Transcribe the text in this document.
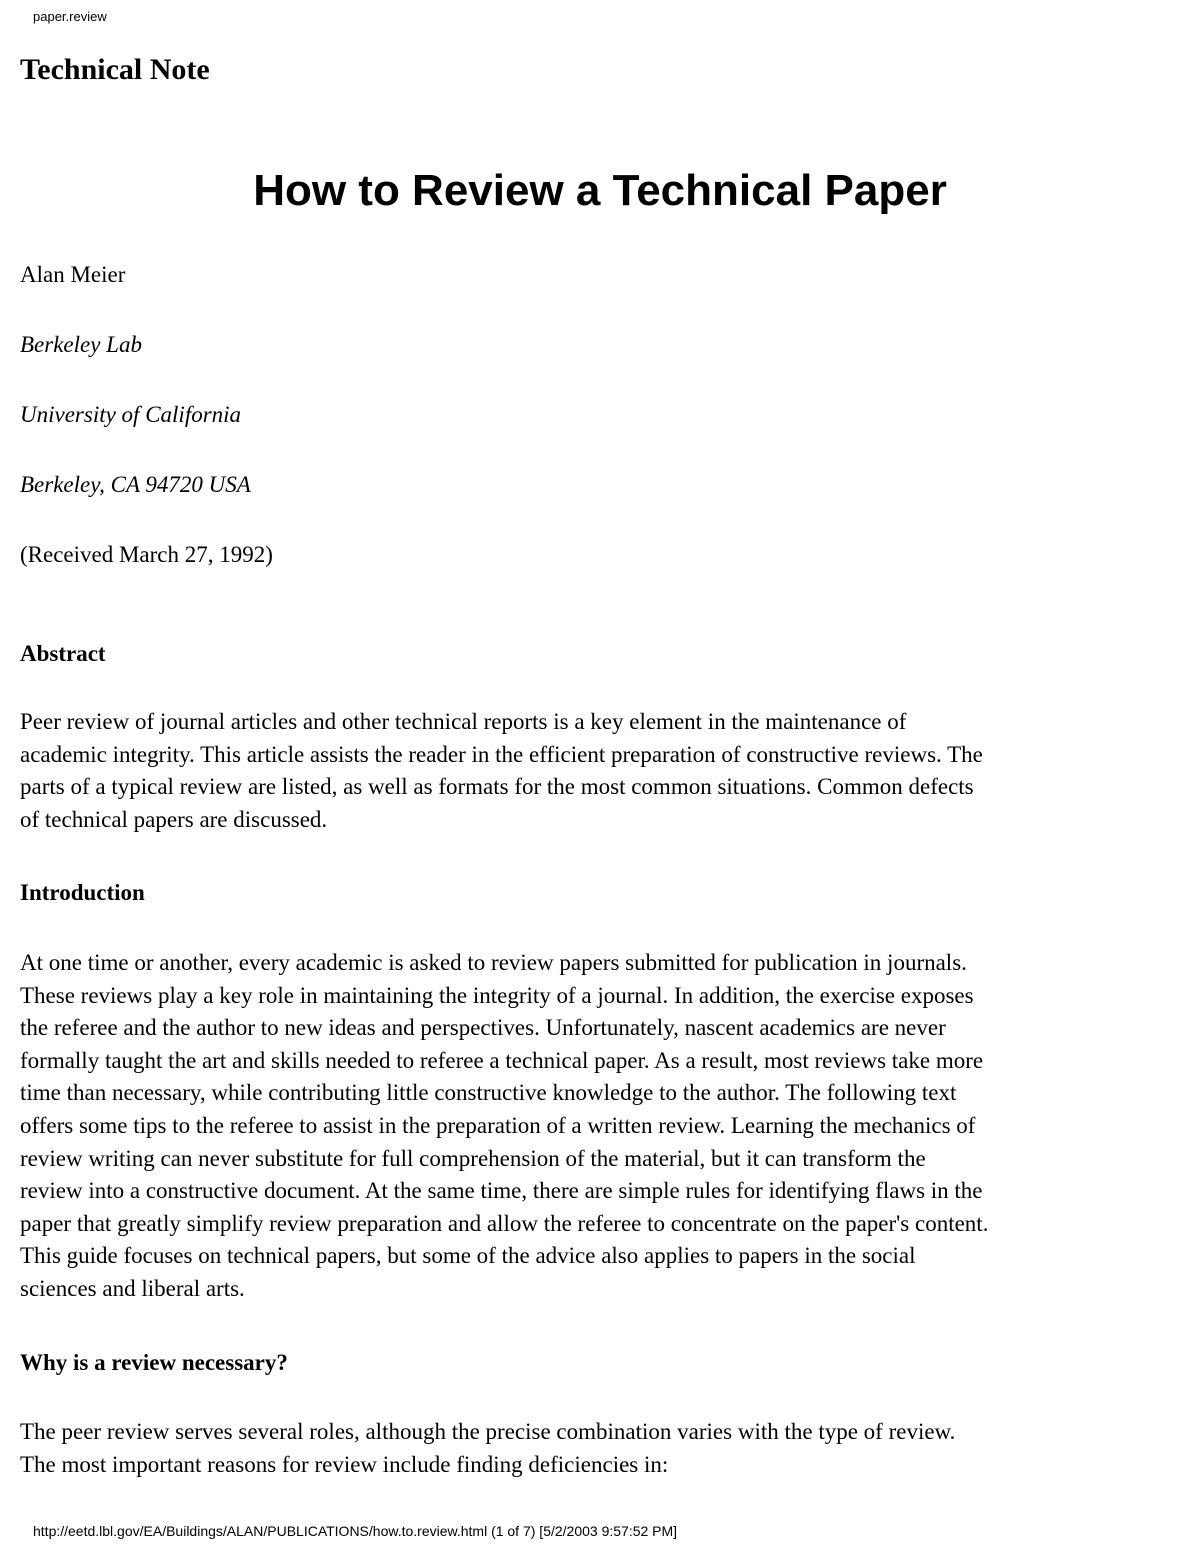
paper.review
Technical Note
How to Review a Technical Paper

Alan Meier

Berkeley Lab

University of California

Berkeley, CA 94720 USA

(Received March 27, 1992)

Abstract
Peer review of journal articles and other technical reports is a key element in the maintenance of
academic integrity. This article assists the reader in the efficient preparation of constructive reviews. The
parts of a typical review are listed, as well as formats for the most common situations. Common defects
of technical papers are discussed.
Introduction
At one time or another, every academic is asked to review papers submitted for publication in journals.
These reviews play a key role in maintaining the integrity of a journal. In addition, the exercise exposes
the referee and the author to new ideas and perspectives. Unfortunately, nascent academics are never
formally taught the art and skills needed to referee a technical paper. As a result, most reviews take more
time than necessary, while contributing little constructive knowledge to the author. The following text
offers some tips to the referee to assist in the preparation of a written review. Learning the mechanics of
review writing can never substitute for full comprehension of the material, but it can transform the
review into a constructive document. At the same time, there are simple rules for identifying flaws in the
paper that greatly simplify review preparation and allow the referee to concentrate on the paper's content.
This guide focuses on technical papers, but some of the advice also applies to papers in the social
sciences and liberal arts.
Why is a review necessary?
The peer review serves several roles, although the precise combination varies with the type of review.
The most important reasons for review include finding deficiencies in:
http://eetd.lbl.gov/EA/Buildings/ALAN/PUBLICATIONS/how.to.review.html (1 of 7) [5/2/2003 9:57:52 PM]
